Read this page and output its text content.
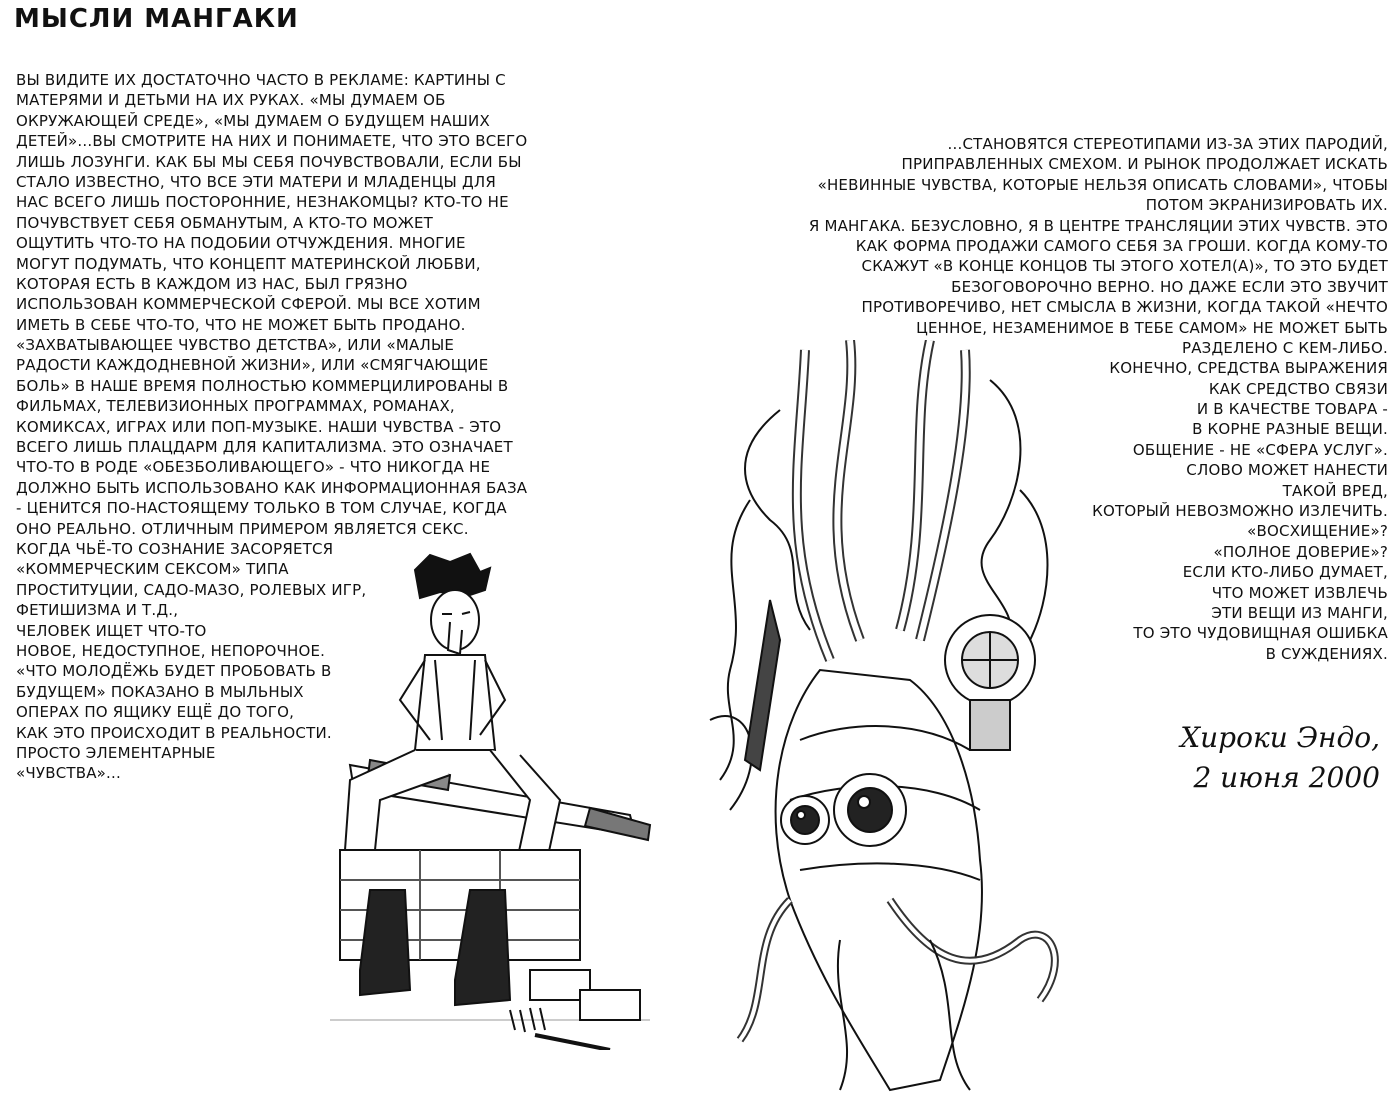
МЫСЛИ МАНГАКИ
ВЫ ВИДИТЕ ИХ ДОСТАТОЧНО ЧАСТО В РЕКЛАМЕ: КАРТИНЫ С
МАТЕРЯМИ И ДЕТЬМИ НА ИХ РУКАХ. «МЫ ДУМАЕМ ОБ
ОКРУЖАЮЩЕЙ СРЕДЕ», «МЫ ДУМАЕМ О БУДУЩЕМ НАШИХ
ДЕТЕЙ»...ВЫ СМОТРИТЕ НА НИХ И ПОНИМАЕТЕ, ЧТО ЭТО ВСЕГО
ЛИШЬ ЛОЗУНГИ. КАК БЫ МЫ СЕБЯ ПОЧУВСТВОВАЛИ, ЕСЛИ БЫ
СТАЛО ИЗВЕСТНО, ЧТО ВСЕ ЭТИ МАТЕРИ И МЛАДЕНЦЫ ДЛЯ
НАС ВСЕГО ЛИШЬ ПОСТОРОННИЕ, НЕЗНАКОМЦЫ? КТО-ТО НЕ
ПОЧУВСТВУЕТ СЕБЯ ОБМАНУТЫМ, А КТО-ТО МОЖЕТ
ОЩУТИТЬ ЧТО-ТО НА ПОДОБИИ ОТЧУЖДЕНИЯ. МНОГИЕ
МОГУТ ПОДУМАТЬ, ЧТО КОНЦЕПТ МАТЕРИНСКОЙ ЛЮБВИ,
КОТОРАЯ ЕСТЬ В КАЖДОМ ИЗ НАС, БЫЛ ГРЯЗНО
ИСПОЛЬЗОВАН КОММЕРЧЕСКОЙ СФЕРОЙ. МЫ ВСЕ ХОТИМ
ИМЕТЬ В СЕБЕ ЧТО-ТО, ЧТО НЕ МОЖЕТ БЫТЬ ПРОДАНО.
«ЗАХВАТЫВАЮЩЕЕ ЧУВСТВО ДЕТСТВА», ИЛИ «МАЛЫЕ
РАДОСТИ КАЖДОДНЕВНОЙ ЖИЗНИ», ИЛИ «СМЯГЧАЮЩИЕ
БОЛЬ» В НАШЕ ВРЕМЯ ПОЛНОСТЬЮ КОММЕРЦИЛИРОВАНЫ В
ФИЛЬМАХ, ТЕЛЕВИЗИОННЫХ ПРОГРАММАХ, РОМАНАХ,
КОМИКСАХ, ИГРАХ ИЛИ ПОП-МУЗЫКЕ. НАШИ ЧУВСТВА - ЭТО
ВСЕГО ЛИШЬ ПЛАЦДАРМ ДЛЯ КАПИТАЛИЗМА. ЭТО ОЗНАЧАЕТ
ЧТО-ТО В РОДЕ «ОБЕЗБОЛИВАЮЩЕГО» - ЧТО НИКОГДА НЕ
ДОЛЖНО БЫТЬ ИСПОЛЬЗОВАНО КАК ИНФОРМАЦИОННАЯ БАЗА
- ЦЕНИТСЯ ПО-НАСТОЯЩЕМУ ТОЛЬКО В ТОМ СЛУЧАЕ, КОГДА
ОНО РЕАЛЬНО. ОТЛИЧНЫМ ПРИМЕРОМ ЯВЛЯЕТСЯ СЕКС.
КОГДА ЧЬЁ-ТО СОЗНАНИЕ ЗАСОРЯЕТСЯ
«КОММЕРЧЕСКИМ СЕКСОМ» ТИПА
ПРОСТИТУЦИИ, САДО-МАЗО, РОЛЕВЫХ ИГР,
ФЕТИШИЗМА И Т.Д.,
ЧЕЛОВЕК ИЩЕТ ЧТО-ТО
НОВОЕ, НЕДОСТУПНОЕ, НЕПОРОЧНОЕ.
«ЧТО МОЛОДЁЖЬ БУДЕТ ПРОБОВАТЬ В
БУДУЩЕМ» ПОКАЗАНО В МЫЛЬНЫХ
ОПЕРАХ ПО ЯЩИКУ ЕЩЁ ДО ТОГО,
КАК ЭТО ПРОИСХОДИТ В РЕАЛЬНОСТИ.
ПРОСТО ЭЛЕМЕНТАРНЫЕ
«ЧУВСТВА»...
...СТАНОВЯТСЯ СТЕРЕОТИПАМИ ИЗ-ЗА ЭТИХ ПАРОДИЙ,
ПРИПРАВЛЕННЫХ СМЕХОМ. И РЫНОК ПРОДОЛЖАЕТ ИСКАТЬ
«НЕВИННЫЕ ЧУВСТВА, КОТОРЫЕ НЕЛЬЗЯ ОПИСАТЬ СЛОВАМИ», ЧТОБЫ
ПОТОМ ЭКРАНИЗИРОВАТЬ ИХ.
Я МАНГАКА. БЕЗУСЛОВНО, Я В ЦЕНТРЕ ТРАНСЛЯЦИИ ЭТИХ ЧУВСТВ. ЭТО
КАК ФОРМА ПРОДАЖИ САМОГО СЕБЯ ЗА ГРОШИ. КОГДА КОМУ-ТО
СКАЖУТ «В КОНЦЕ КОНЦОВ ТЫ ЭТОГО ХОТЕЛ(А)», ТО ЭТО БУДЕТ
БЕЗОГОВОРОЧНО ВЕРНО. НО ДАЖЕ ЕСЛИ ЭТО ЗВУЧИТ
ПРОТИВОРЕЧИВО, НЕТ СМЫСЛА В ЖИЗНИ, КОГДА ТАКОЙ «НЕЧТО
ЦЕННОЕ, НЕЗАМЕНИМОЕ В ТЕБЕ САМОМ» НЕ МОЖЕТ БЫТЬ
РАЗДЕЛЕНО С КЕМ-ЛИБО.
КОНЕЧНО, СРЕДСТВА ВЫРАЖЕНИЯ
КАК СРЕДСТВО СВЯЗИ
И В КАЧЕСТВЕ ТОВАРА -
В КОРНЕ РАЗНЫЕ ВЕЩИ.
ОБЩЕНИЕ - НЕ «СФЕРА УСЛУГ».
СЛОВО МОЖЕТ НАНЕСТИ
ТАКОЙ ВРЕД,
КОТОРЫЙ НЕВОЗМОЖНО ИЗЛЕЧИТЬ.
«ВОСХИЩЕНИЕ»?
«ПОЛНОЕ ДОВЕРИЕ»?
ЕСЛИ КТО-ЛИБО ДУМАЕТ,
ЧТО МОЖЕТ ИЗВЛЕЧЬ
ЭТИ ВЕЩИ ИЗ МАНГИ,
ТО ЭТО ЧУДОВИЩНАЯ ОШИБКА
В СУЖДЕНИЯХ.
Хироки Эндо,
2 июня 2000
